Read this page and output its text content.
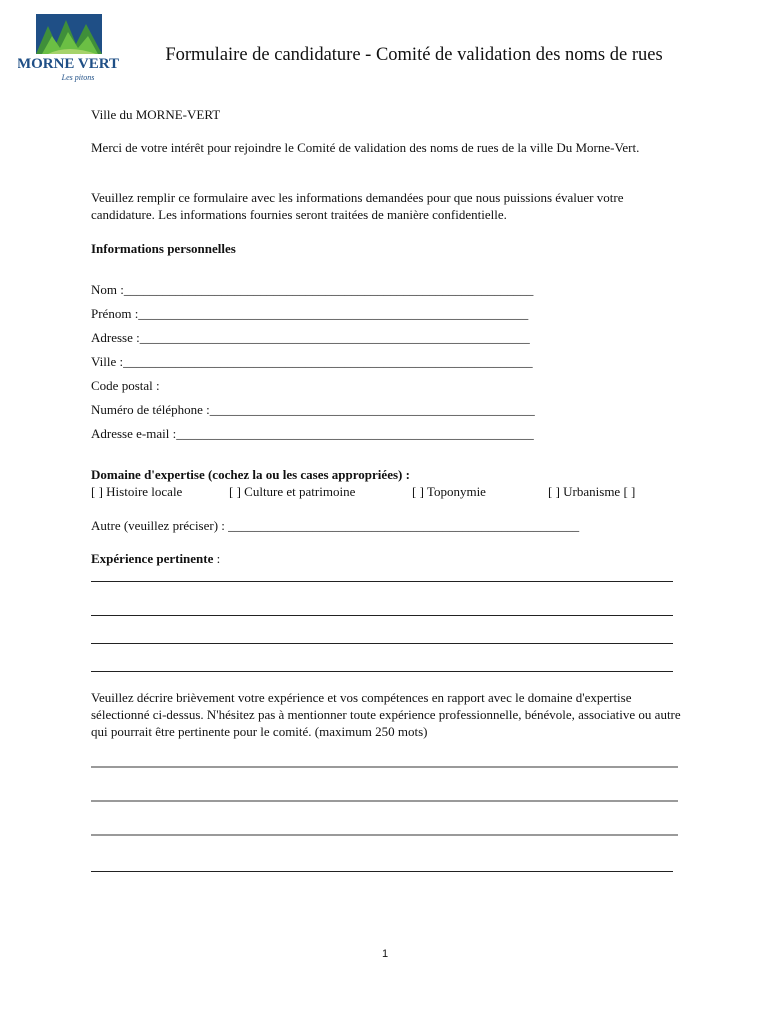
MORNE VERT
Les pitons
Formulaire de candidature - Comité de validation des noms de rues
Ville du MORNE-VERT
Merci de votre intérêt pour rejoindre le Comité de validation des noms de rues de la ville Du Morne-Vert.
Veuillez remplir ce formulaire avec les informations demandées pour que nous puissions évaluer votre candidature. Les informations fournies seront traitées de manière confidentielle.
Informations personnelles
Nom :_______________________________________________________________
Prénom :____________________________________________________________
Adresse :____________________________________________________________
Ville :_______________________________________________________________
Code postal :
Numéro de téléphone :__________________________________________________
Adresse e-mail :_______________________________________________________
Domaine d'expertise (cochez la ou les cases appropriées) :
[ ] Histoire locale	[ ] Culture et patrimoine	[ ] Toponymie	[ ] Urbanisme [ ]
Autre (veuillez préciser) : ______________________________________________________
Expérience pertinente :
Veuillez décrire brièvement votre expérience et vos compétences en rapport avec le domaine d'expertise sélectionné ci-dessus. N'hésitez pas à mentionner toute expérience professionnelle, bénévole, associative ou autre qui pourrait être pertinente pour le comité. (maximum 250 mots)
1
